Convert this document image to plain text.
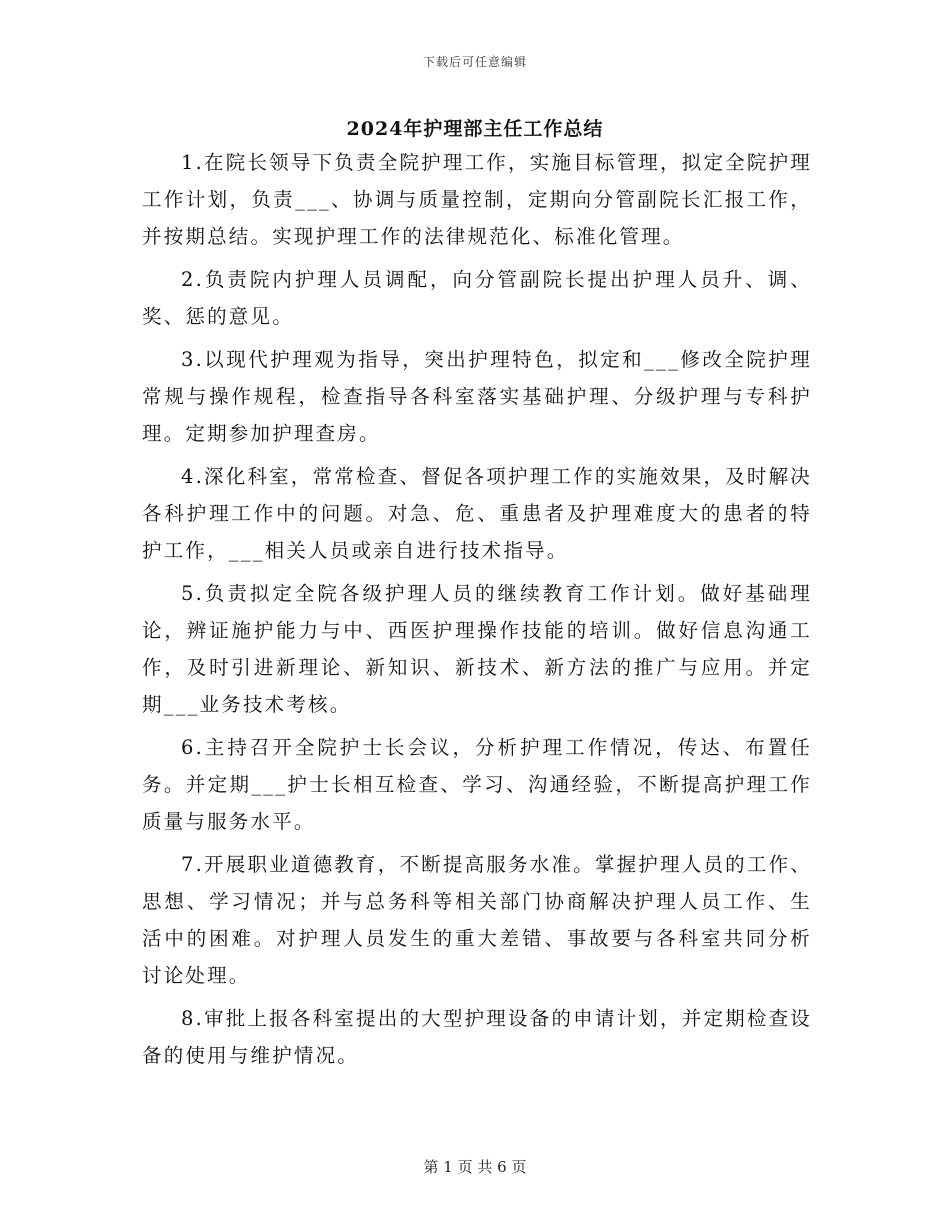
下载后可任意编辑
2024年护理部主任工作总结

1.在院长领导下负责全院护理工作，实施目标管理，拟定全院护理工作计划，负责___、协调与质量控制，定期向分管副院长汇报工作，并按期总结。实现护理工作的法律规范化、标准化管理。

2.负责院内护理人员调配，向分管副院长提出护理人员升、调、奖、惩的意见。

3.以现代护理观为指导，突出护理特色，拟定和___修改全院护理常规与操作规程，检查指导各科室落实基础护理、分级护理与专科护理。定期参加护理查房。

4.深化科室，常常检查、督促各项护理工作的实施效果，及时解决各科护理工作中的问题。对急、危、重患者及护理难度大的患者的特护工作，___相关人员或亲自进行技术指导。

5.负责拟定全院各级护理人员的继续教育工作计划。做好基础理论，辨证施护能力与中、西医护理操作技能的培训。做好信息沟通工作，及时引进新理论、新知识、新技术、新方法的推广与应用。并定期___业务技术考核。

6.主持召开全院护士长会议，分析护理工作情况，传达、布置任务。并定期___护士长相互检查、学习、沟通经验，不断提高护理工作质量与服务水平。

7.开展职业道德教育，不断提高服务水准。掌握护理人员的工作、思想、学习情况；并与总务科等相关部门协商解决护理人员工作、生活中的困难。对护理人员发生的重大差错、事故要与各科室共同分析讨论处理。

8.审批上报各科室提出的大型护理设备的申请计划，并定期检查设备的使用与维护情况。

第 1 页 共 6 页
